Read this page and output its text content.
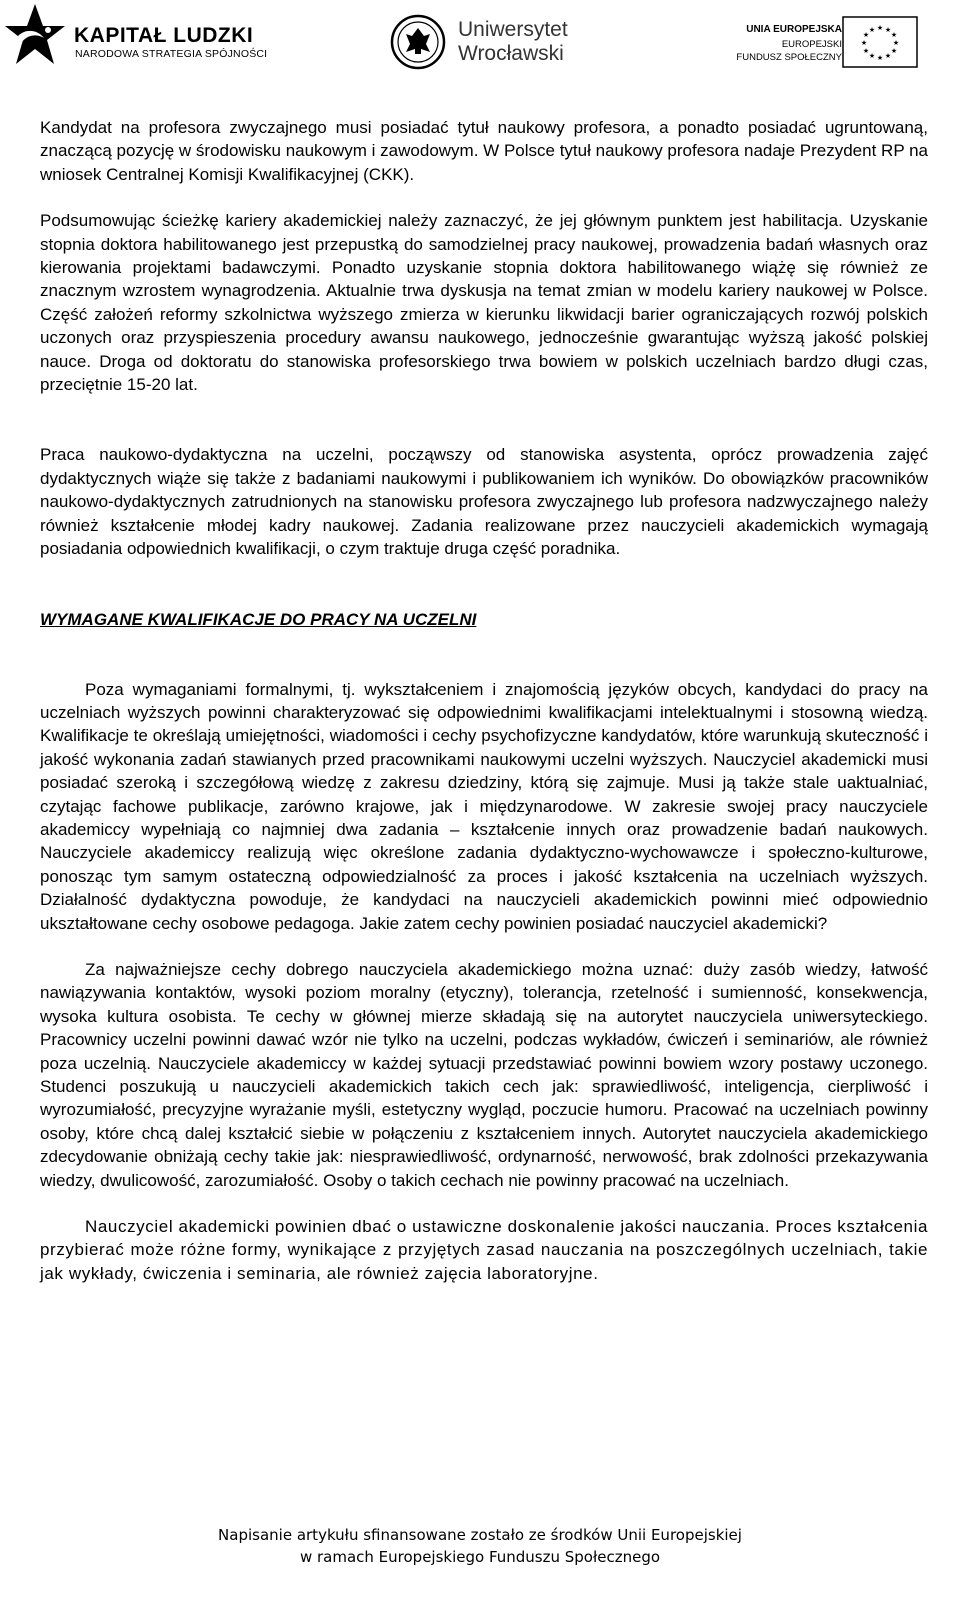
KAPITAŁ LUDZKI
NARODOWA STRATEGIA SPÓJNOŚCI
Uniwersytet
Wrocławski
UNIA EUROPEJSKA
EUROPEJSKI
FUNDUSZ SPOŁECZNY
★ ★
★
★
★
★
★
★
★
★
★
★

Kandydat na profesora zwyczajnego musi posiadać tytuł naukowy profesora, a ponadto posiadać ugruntowaną, znaczącą pozycję w środowisku naukowym i zawodowym. W Polsce tytuł naukowy profesora nadaje Prezydent RP na wniosek Centralnej Komisji Kwalifikacyjnej (CKK).

Podsumowując ścieżkę kariery akademickiej należy zaznaczyć, że jej głównym punktem jest habilitacja. Uzyskanie stopnia doktora habilitowanego jest przepustką do samodzielnej pracy naukowej, prowadzenia badań własnych oraz kierowania projektami badawczymi. Ponadto uzyskanie stopnia doktora habilitowanego wiążę się również ze znacznym wzrostem wynagrodzenia. Aktualnie trwa dyskusja na temat zmian w modelu kariery naukowej w Polsce. Część założeń reformy szkolnictwa wyższego zmierza w kierunku likwidacji barier ograniczających rozwój polskich uczonych oraz przyspieszenia procedury awansu naukowego, jednocześnie gwarantując wyższą jakość polskiej nauce. Droga od doktoratu do stanowiska profesorskiego trwa bowiem w polskich uczelniach bardzo długi czas, przeciętnie 15-20 lat.

Praca naukowo-dydaktyczna na uczelni, począwszy od stanowiska asystenta, oprócz prowadzenia zajęć dydaktycznych wiąże się także z badaniami naukowymi i publikowaniem ich wyników. Do obowiązków pracowników naukowo-dydaktycznych zatrudnionych na stanowisku profesora zwyczajnego lub profesora nadzwyczajnego należy również kształcenie młodej kadry naukowej. Zadania realizowane przez nauczycieli akademickich wymagają posiadania odpowiednich kwalifikacji, o czym traktuje druga część poradnika.

WYMAGANE KWALIFIKACJE DO PRACY NA UCZELNI

Poza wymaganiami formalnymi, tj. wykształceniem i znajomością języków obcych, kandydaci do pracy na uczelniach wyższych powinni charakteryzować się odpowiednimi kwalifikacjami intelektualnymi i stosowną wiedzą. Kwalifikacje te określają umiejętności, wiadomości i cechy psychofizyczne kandydatów, które warunkują skuteczność i jakość wykonania zadań stawianych przed pracownikami naukowymi uczelni wyższych. Nauczyciel akademicki musi posiadać szeroką i szczegółową wiedzę z zakresu dziedziny, którą się zajmuje. Musi ją także stale uaktualniać, czytając fachowe publikacje, zarówno krajowe, jak i międzynarodowe. W zakresie swojej pracy nauczyciele akademiccy wypełniają co najmniej dwa zadania – kształcenie innych oraz prowadzenie badań naukowych. Nauczyciele akademiccy realizują więc określone zadania dydaktyczno-wychowawcze i społeczno-kulturowe, ponosząc tym samym ostateczną odpowiedzialność za proces i jakość kształcenia na uczelniach wyższych. Działalność dydaktyczna powoduje, że kandydaci na nauczycieli akademickich powinni mieć odpowiednio ukształtowane cechy osobowe pedagoga. Jakie zatem cechy powinien posiadać nauczyciel akademicki?

Za najważniejsze cechy dobrego nauczyciela akademickiego można uznać: duży zasób wiedzy, łatwość nawiązywania kontaktów, wysoki poziom moralny (etyczny), tolerancja, rzetelność i sumienność, konsekwencja, wysoka kultura osobista. Te cechy w głównej mierze składają się na autorytet nauczyciela uniwersyteckiego. Pracownicy uczelni powinni dawać wzór nie tylko na uczelni, podczas wykładów, ćwiczeń i seminariów, ale również poza uczelnią. Nauczyciele akademiccy w każdej sytuacji przedstawiać powinni bowiem wzory postawy uczonego. Studenci poszukują u nauczycieli akademickich takich cech jak: sprawiedliwość, inteligencja, cierpliwość i wyrozumiałość, precyzyjne wyrażanie myśli, estetyczny wygląd, poczucie humoru. Pracować na uczelniach powinny osoby, które chcą dalej kształcić siebie w połączeniu z kształceniem innych. Autorytet nauczyciela akademickiego zdecydowanie obniżają cechy takie jak: niesprawiedliwość, ordynarność, nerwowość, brak zdolności przekazywania wiedzy, dwulicowość, zarozumiałość. Osoby o takich cechach nie powinny pracować na uczelniach.

Nauczyciel akademicki powinien dbać o ustawiczne doskonalenie jakości nauczania. Proces kształcenia przybierać może różne formy, wynikające z przyjętych zasad nauczania na poszczególnych uczelniach, takie jak wykłady, ćwiczenia i seminaria, ale również zajęcia laboratoryjne.

Napisanie artykułu sfinansowane zostało ze środków Unii Europejskiej
w ramach Europejskiego Funduszu Społecznego
